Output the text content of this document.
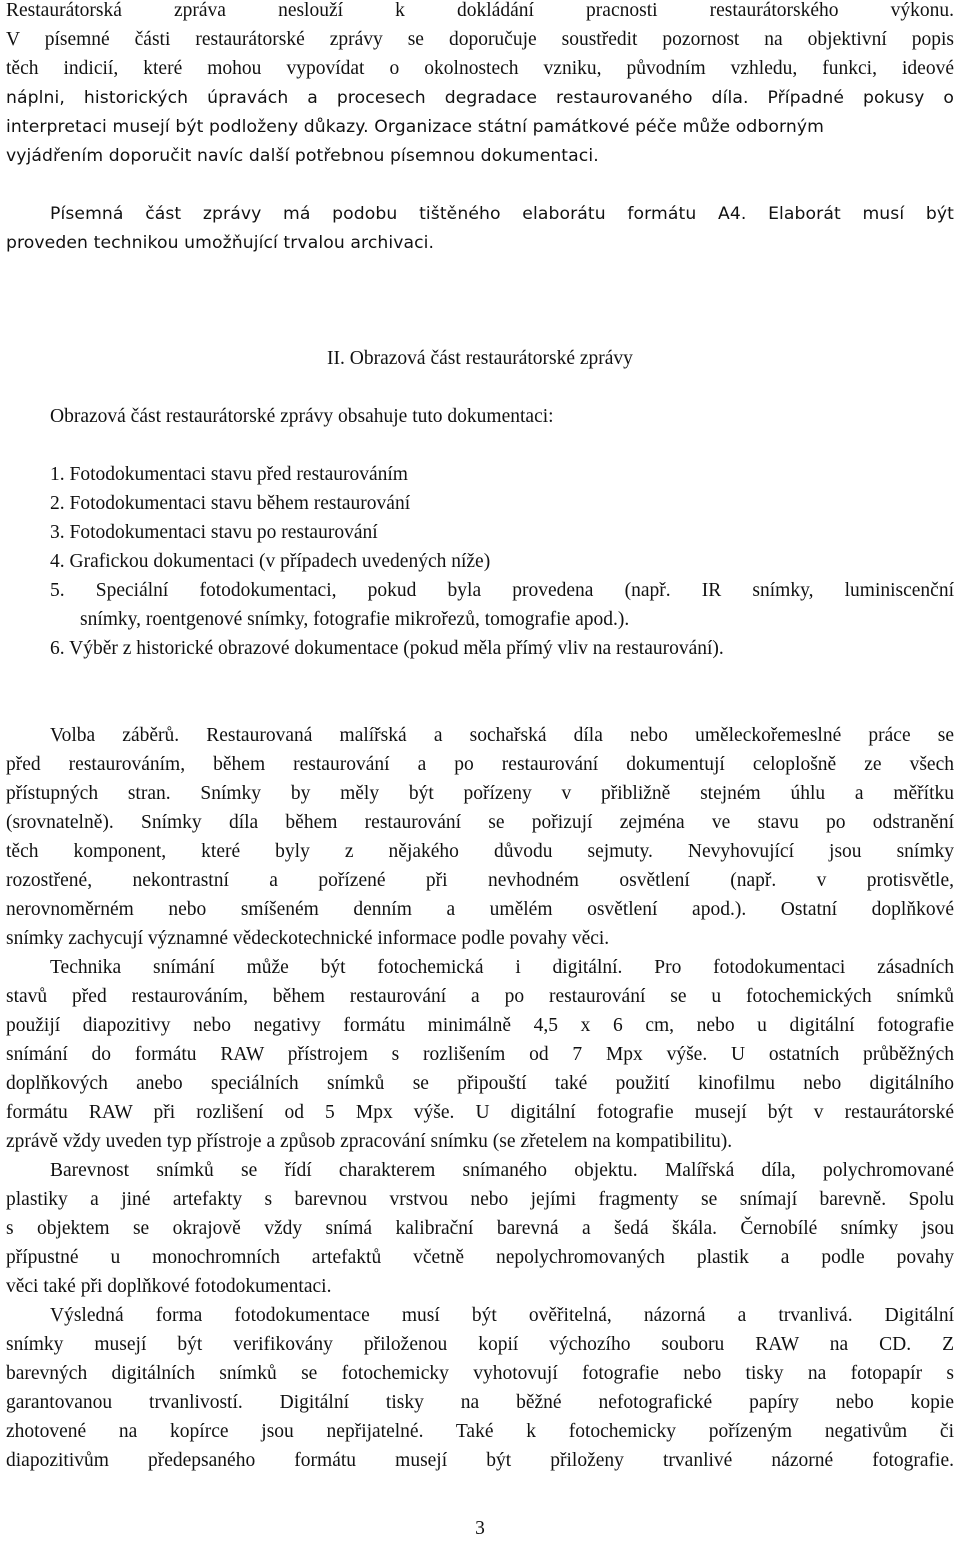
Restaurátorská zpráva neslouží k dokládání pracnosti restaurátorského výkonu.
V písemné části restaurátorské zprávy se doporučuje soustředit pozornost na objektivní popis
těch indicií, které mohou vypovídat o okolnostech vzniku, původním vzhledu, funkci, ideové
náplni, historických úpravách a procesech degradace restaurovaného díla. Případné pokusy o
interpretaci musejí být podloženy důkazy. Organizace státní památkové péče může odborným
vyjádřením doporučit navíc další potřebnou písemnou dokumentaci.
Písemná část zprávy má podobu tištěného elaborátu formátu A4. Elaborát musí být
proveden technikou umožňující trvalou archivaci.
II. Obrazová část restaurátorské zprávy
Obrazová část restaurátorské zprávy obsahuje tuto dokumentaci:
1. Fotodokumentaci stavu před restaurováním
2. Fotodokumentaci stavu během restaurování
3. Fotodokumentaci stavu po restaurování
4. Grafickou dokumentaci (v případech uvedených níže)
5. Speciální fotodokumentaci, pokud byla provedena (např. IR snímky, luminiscenční
snímky, roentgenové snímky, fotografie mikrořezů, tomografie apod.).
6. Výběr z historické obrazové dokumentace (pokud měla přímý vliv na restaurování).
Volba záběrů. Restaurovaná malířská a sochařská díla nebo uměleckořemeslné práce se
před restaurováním, během restaurování a po restaurování dokumentují celoplošně ze všech
přístupných stran. Snímky by měly být pořízeny v přibližně stejném úhlu a měřítku
(srovnatelně). Snímky díla během restaurování se pořizují zejména ve stavu po odstranění
těch komponent, které byly z nějakého důvodu sejmuty. Nevyhovující jsou snímky
rozostřené, nekontrastní a pořízené při nevhodném osvětlení (např. v protisvětle,
nerovnoměrném nebo smíšeném denním a umělém osvětlení apod.). Ostatní doplňkové
snímky zachycují významné vědeckotechnické informace podle povahy věci.
Technika snímání může být fotochemická i digitální. Pro fotodokumentaci zásadních
stavů před restaurováním, během restaurování a po restaurování se u fotochemických snímků
použijí diapozitivy nebo negativy formátu minimálně 4,5 x 6 cm, nebo u digitální fotografie
snímání do formátu RAW přístrojem s rozlišením od 7 Mpx výše. U ostatních průběžných
doplňkových anebo speciálních snímků se připouští také použití kinofilmu nebo digitálního
formátu RAW při rozlišení od 5 Mpx výše. U digitální fotografie musejí být v restaurátorské
zprávě vždy uveden typ přístroje a způsob zpracování snímku (se zřetelem na kompatibilitu).
Barevnost snímků se řídí charakterem snímaného objektu. Malířská díla, polychromované
plastiky a jiné artefakty s barevnou vrstvou nebo jejími fragmenty se snímají barevně. Spolu
s objektem se okrajově vždy snímá kalibrační barevná a šedá škála. Černobílé snímky jsou
přípustné u monochromních artefaktů včetně nepolychromovaných plastik a podle povahy
věci také při doplňkové fotodokumentaci.
Výsledná forma fotodokumentace musí být ověřitelná, názorná a trvanlivá. Digitální
snímky musejí být verifikovány přiloženou kopií výchozího souboru RAW na CD. Z
barevných digitálních snímků se fotochemicky vyhotovují fotografie nebo tisky na fotopapír s
garantovanou trvanlivostí. Digitální tisky na běžné nefotografické papíry nebo kopie
zhotovené na kopírce jsou nepřijatelné. Také k fotochemicky pořízeným negativům či
diapozitivům předepsaného formátu musejí být přiloženy trvanlivé názorné fotografie.
3
